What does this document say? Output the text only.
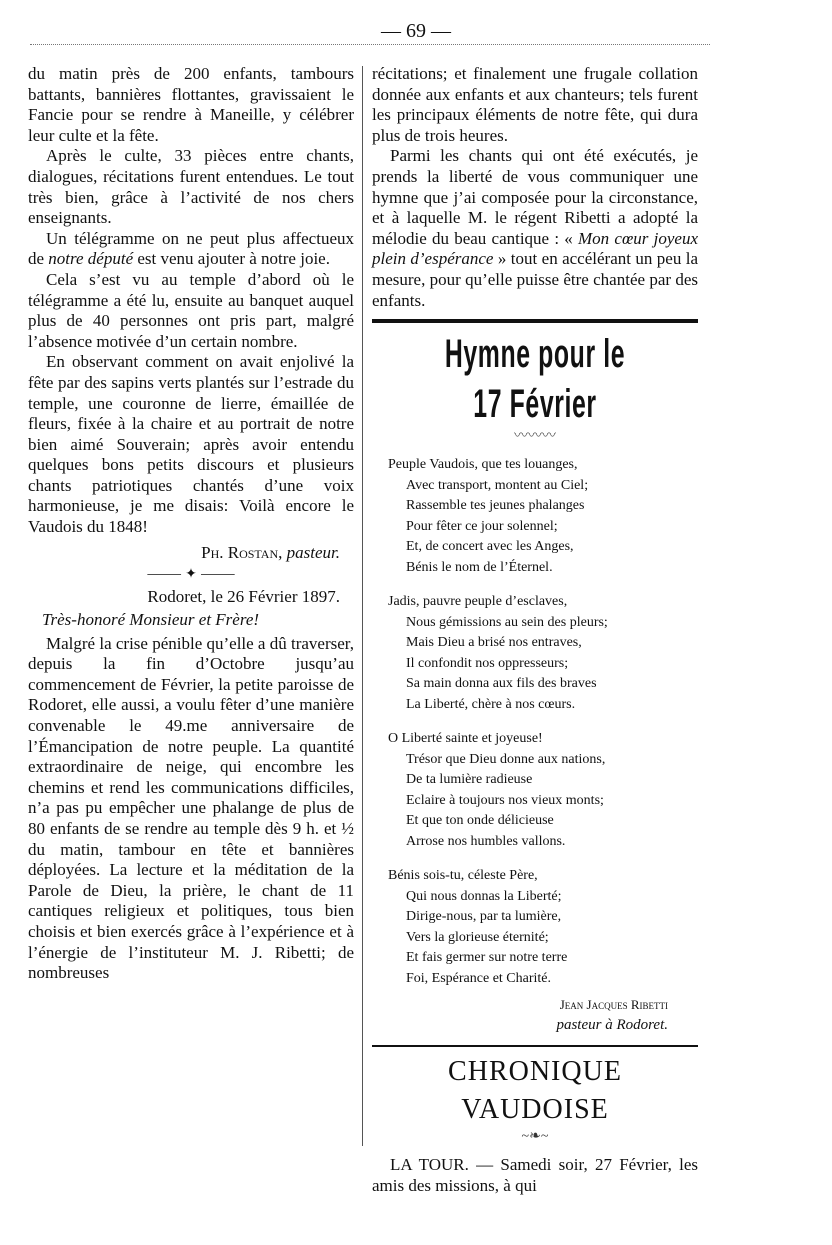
— 69 —

du matin près de 200 enfants, tambours battants, bannières flottantes, gravissaient le Fancie pour se rendre à Maneille, y célébrer leur culte et la fête.

Après le culte, 33 pièces entre chants, dialogues, récitations furent entendues. Le tout très bien, grâce à l’activité de nos chers enseignants.

Un télégramme on ne peut plus affectueux de notre député est venu ajouter à notre joie.

Cela s’est vu au temple d’abord où le télégramme a été lu, ensuite au banquet auquel plus de 40 personnes ont pris part, malgré l’absence motivée d’un certain nombre.

En observant comment on avait enjolivé la fête par des sapins verts plantés sur l’estrade du temple, une couronne de lierre, émaillée de fleurs, fixée à la chaire et au portrait de notre bien aimé Souverain; après avoir entendu quelques bons petits discours et plusieurs chants patriotiques chantés d’une voix harmonieuse, je me disais: Voilà encore le Vaudois du 1848!

Ph. Rostan, pasteur.
⸻ ✦ ⸻
Rodoret, le 26 Février 1897.
Très-honoré Monsieur et Frère!

Malgré la crise pénible qu’elle a dû traverser, depuis la fin d’Octobre jusqu’au commencement de Février, la petite paroisse de Rodoret, elle aussi, a voulu fêter d’une manière convenable le 49.me anniversaire de l’Émancipation de notre peuple. La quantité extraordinaire de neige, qui encombre les chemins et rend les communications difficiles, n’a pas pu empêcher une phalange de plus de 80 enfants de se rendre au temple dès 9 h. et ½ du matin, tambour en tête et bannières déployées. La lecture et la méditation de la Parole de Dieu, la prière, le chant de 11 cantiques religieux et politiques, tous bien choisis et bien exercés grâce à l’expérience et à l’énergie de l’instituteur M. J. Ribetti; de nombreuses

récitations; et finalement une frugale collation donnée aux enfants et aux chanteurs; tels furent les principaux éléments de notre fête, qui dura plus de trois heures.

Parmi les chants qui ont été exécutés, je prends la liberté de vous communiquer une hymne que j’ai composée pour la circonstance, et à laquelle M. le régent Ribetti a adopté la mélodie du beau cantique : « Mon cœur joyeux plein d’espérance » tout en accélérant un peu la mesure, pour qu’elle puisse être chantée par des enfants.

Hymne pour le 17 Février
〰〰〰
Peuple Vaudois, que tes louanges,
Avec transport, montent au Ciel;
Rassemble tes jeunes phalanges
Pour fêter ce jour solennel;
Et, de concert avec les Anges,
Bénis le nom de l’Éternel.
Jadis, pauvre peuple d’esclaves,
Nous gémissions au sein des pleurs;
Mais Dieu a brisé nos entraves,
Il confondit nos oppresseurs;
Sa main donna aux fils des braves
La Liberté, chère à nos cœurs.
O Liberté sainte et joyeuse!
Trésor que Dieu donne aux nations,
De ta lumière radieuse
Eclaire à toujours nos vieux monts;
Et que ton onde délicieuse
Arrose nos humbles vallons.
Bénis sois-tu, céleste Père,
Qui nous donnas la Liberté;
Dirige-nous, par ta lumière,
Vers la glorieuse éternité;
Et fais germer sur notre terre
Foi, Espérance et Charité.
Jean Jacques Ribetti
pasteur à Rodoret.
CHRONIQUE VAUDOISE
~❧~

LA TOUR. — Samedi soir, 27 Février, les amis des missions, à qui
